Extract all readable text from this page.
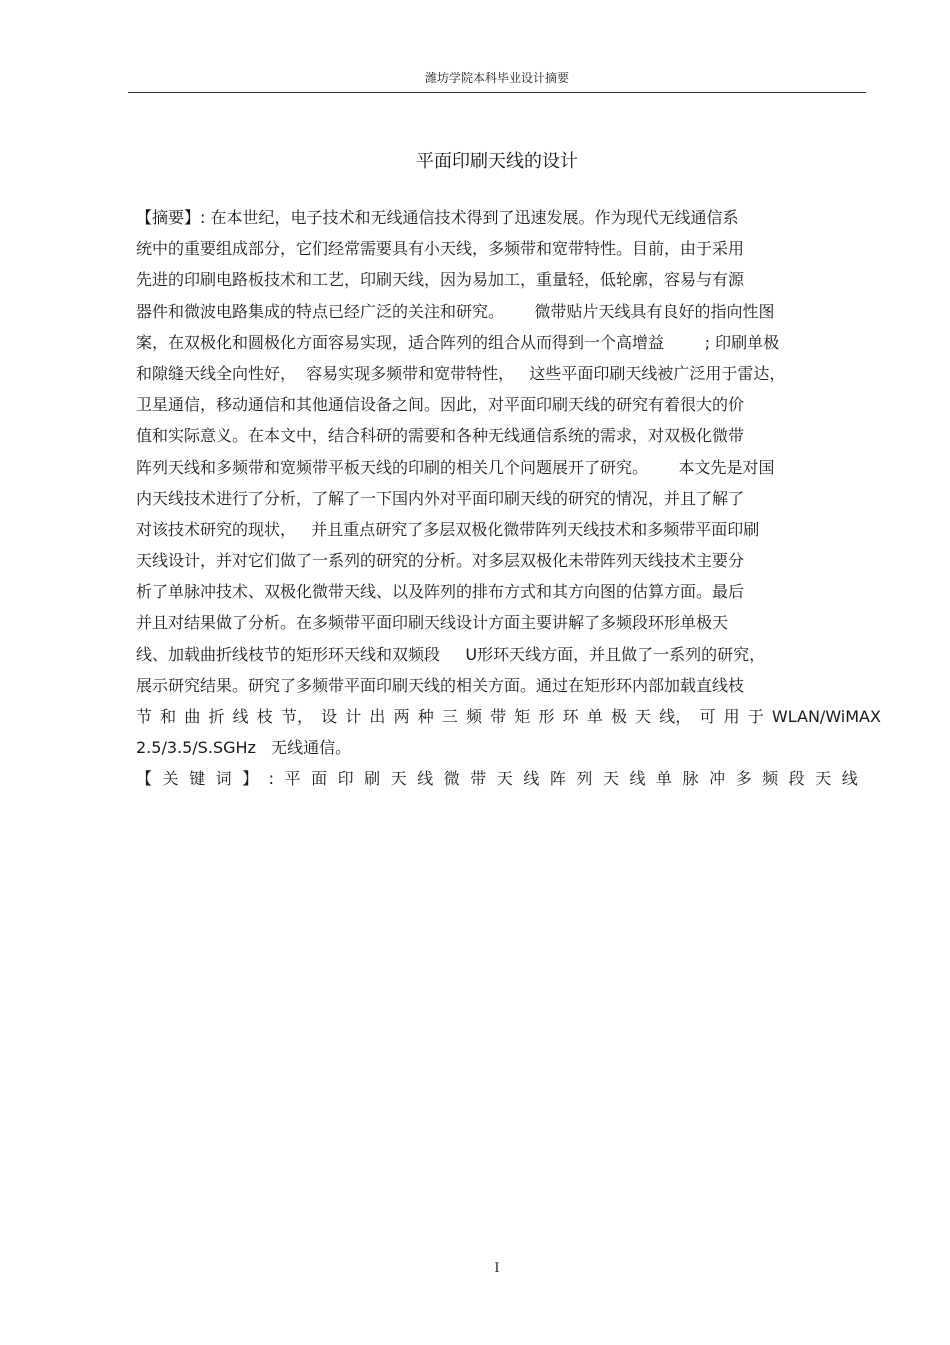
潍坊学院本科毕业设计摘要
平面印刷天线的设计
【摘要】: 在本世纪，电子技术和无线通信技术得到了迅速发展。作为现代无线通信系
统中的重要组成部分，它们经常需要具有小天线，多频带和宽带特性。目前，由于采用
先进的印刷电路板技术和工艺，印刷天线，因为易加工，重量轻，低轮廓，容易与有源
器件和微波电路集成的特点已经广泛的关注和研究。      微带贴片天线具有良好的指向性图
案，在双极化和圆极化方面容易实现，适合阵列的组合从而得到一个高增益        ; 印刷单极
和隙缝天线全向性好，  容易实现多频带和宽带特性，   这些平面印刷天线被广泛用于雷达，
卫星通信，移动通信和其他通信设备之间。因此，对平面印刷天线的研究有着很大的价
值和实际意义。在本文中，结合科研的需要和各种无线通信系统的需求，对双极化微带
阵列天线和多频带和宽频带平板天线的印刷的相关几个问题展开了研究。      本文先是对国
内天线技术进行了分析，了解了一下国内外对平面印刷天线的研究的情况，并且了解了
对该技术研究的现状，   并且重点研究了多层双极化微带阵列天线技术和多频带平面印刷
天线设计，并对它们做了一系列的研究的分析。对多层双极化未带阵列天线技术主要分
析了单脉冲技术、双极化微带天线、以及阵列的排布方式和其方向图的估算方面。最后
并且对结果做了分析。在多频带平面印刷天线设计方面主要讲解了多频段环形单极天
线、加载曲折线枝节的矩形环天线和双频段     U形环天线方面，并且做了一系列的研究，
展示研究结果。研究了多频带平面印刷天线的相关方面。通过在矩形环内部加载直线枝
节 和 曲 折 线 枝 节， 设 计 出 两 种 三 频 带 矩 形 环 单 极 天 线， 可 用 于 WLAN/WiMAX
2.5/3.5/S.SGHz   无线通信。
【 关 键 词 】 : 平 面 印 刷 天 线 微 带 天 线 阵 列 天 线 单 脉 冲 多 频 段 天 线
I
